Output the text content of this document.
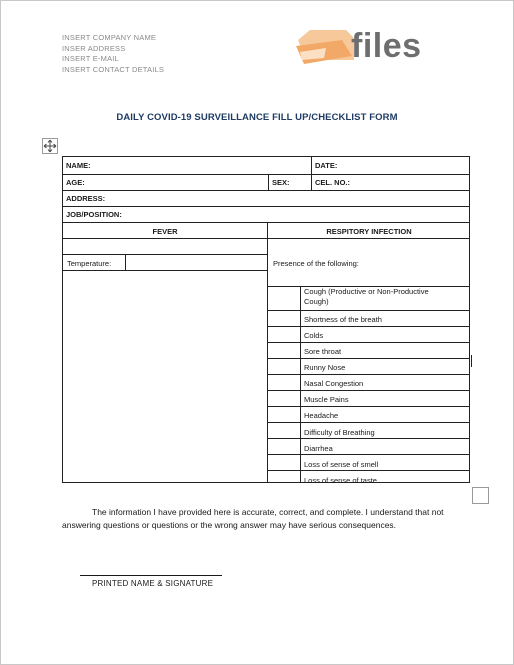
INSERT COMPANY NAME
INSER ADDRESS
INSERT E-MAIL
INSERT CONTACT DETAILS
files
DAILY COVID-19 SURVEILLANCE FILL UP/CHECKLIST FORM
NAME:	DATE:
AGE:	SEX:	CEL. NO.:
ADDRESS:
JOB/POSITION:
FEVER	RESPITORY INFECTION
Temperature:	Presence of the following:
Cough (Productive or Non-Productive
Cough)
Shortness of the breath
Colds
Sore throat
Runny Nose
Nasal Congestion
Muscle Pains
Headache
Difficulty of Breathing
Diarrhea
Loss of sense of smell
Loss of sense of taste
The information I have provided here is accurate, correct, and complete. I understand that not answering questions or questions or the wrong answer may have serious consequences.
PRINTED NAME & SIGNATURE
